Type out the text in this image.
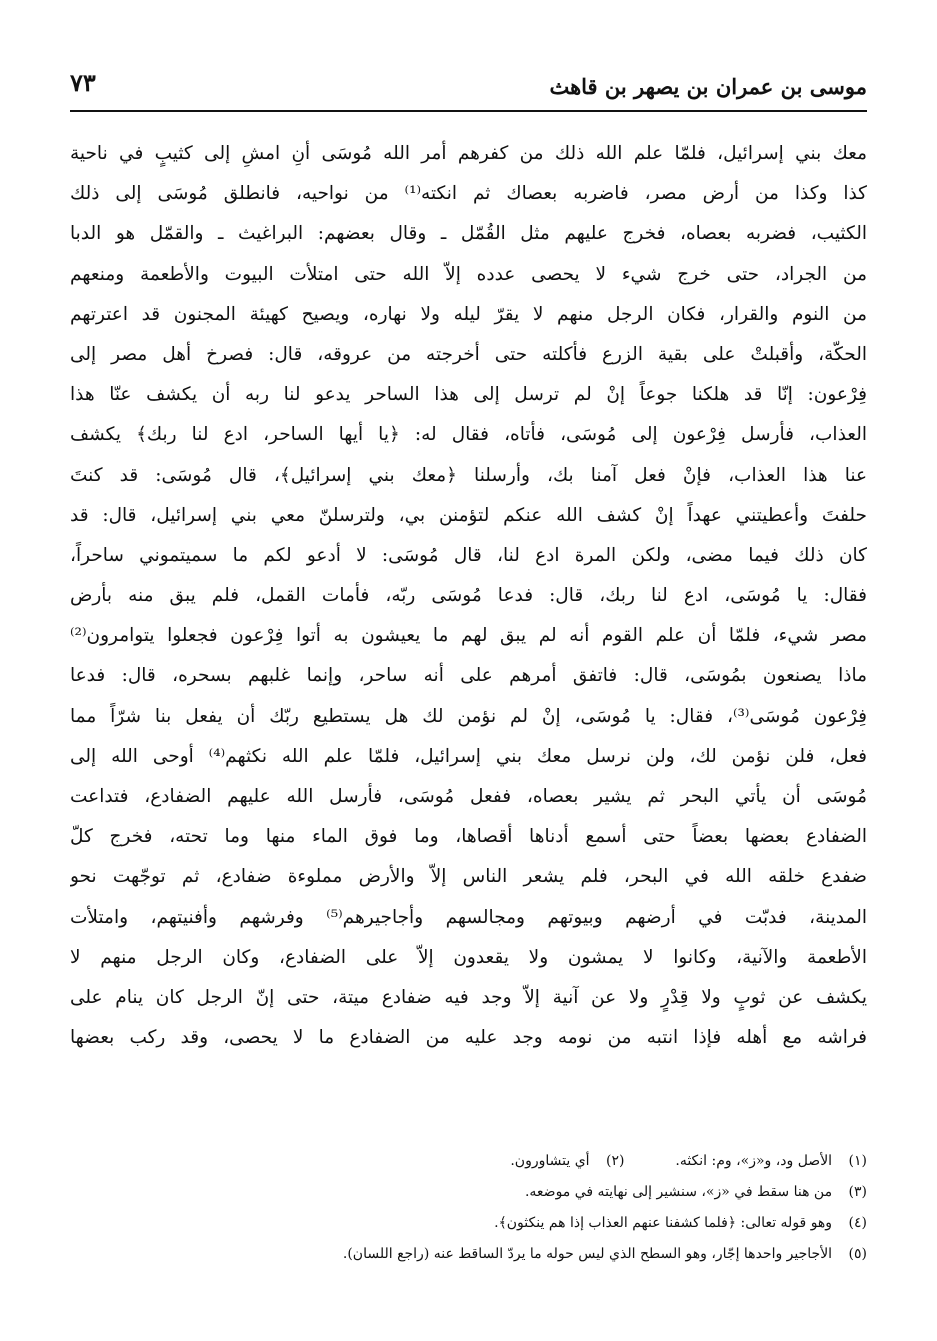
موسى بن عمران بن يصهر بن قاهث
٧٣
معك بني إسرائيل، فلمّا علم الله ذلك من كفرهم أمر الله مُوسَى أنِ امشِ إلى كثيبٍ في ناحية
كذا وكذا من أرض مصر، فاضربه بعصاك ثم انكته⁽¹⁾ من نواحيه، فانطلق مُوسَى إلى ذلك
الكثيب، فضربه بعصاه، فخرج عليهم مثل القُمّل ـ وقال بعضهم: البراغيث ـ والقمّل هو الدبا
من الجراد، حتى خرج شيء لا يحصى عدده إلاّ الله حتى امتلأت البيوت والأطعمة ومنعهم
من النوم والقرار، فكان الرجل منهم لا يقرّ ليله ولا نهاره، ويصيح كهيئة المجنون قد اعترتهم
الحكّة، وأقبلتْ على بقية الزرع فأكلته حتى أخرجته من عروقه، قال: فصرخ أهل مصر إلى
فِرْعون: إنّا قد هلكنا جوعاً إنْ لم ترسل إلى هذا الساحر يدعو لنا ربه أن يكشف عنّا هذا
العذاب، فأرسل فِرْعون إلى مُوسَى، فأتاه، فقال له: ﴿يا أيها الساحر، ادع لنا ربك﴾ يكشف
عنا هذا العذاب، فإنْ فعل آمنا بك، وأرسلنا ﴿معك بني إسرائيل﴾، قال مُوسَى: قد كنتَ
حلفتَ وأعطيتني عهداً إنْ كشف الله عنكم لتؤمنن بي، ولترسلنّ معي بني إسرائيل، قال: قد
كان ذلك فيما مضى، ولكن المرة ادع لنا، قال مُوسَى: لا أدعو لكم ما سميتموني ساحراً،
فقال: يا مُوسَى، ادع لنا ربك، قال: فدعا مُوسَى ربّه، فأمات القمل، فلم يبق منه بأرض
مصر شيء، فلمّا أن علم القوم أنه لم يبق لهم ما يعيشون به أتوا فِرْعون فجعلوا يتوامرون⁽²⁾
ماذا يصنعون بمُوسَى، قال: فاتفق أمرهم على أنه ساحر، وإنما غلبهم بسحره، قال: فدعا
فِرْعون مُوسَى⁽³⁾، فقال: يا مُوسَى، إنْ لم نؤمن لك هل يستطيع ربّك أن يفعل بنا شرّاً مما
فعل، فلن نؤمن لك، ولن نرسل معك بني إسرائيل، فلمّا علم الله نكثهم⁽⁴⁾ أوحى الله إلى
مُوسَى أن يأتي البحر ثم يشير بعصاه، ففعل مُوسَى، فأرسل الله عليهم الضفادع، فتداعت
الضفادع بعضها بعضاً حتى أسمع أدناها أقصاها، وما فوق الماء منها وما تحته، فخرج كلّ
ضفدع خلقه الله في البحر، فلم يشعر الناس إلاّ والأرض مملوءة ضفادع، ثم توجّهت نحو
المدينة، فدبّت في أرضهم وبيوتهم ومجالسهم وأجاجيرهم⁽⁵⁾ وفرشهم وأفنيتهم، وامتلأت
الأطعمة والآنية، وكانوا لا يمشون ولا يقعدون إلاّ على الضفادع، وكان الرجل منهم لا
يكشف عن ثوبٍ ولا قِدْرٍ ولا عن آنية إلاّ وجد فيه ضفادع ميتة، حتى إنّ الرجل كان ينام على
فراشه مع أهله فإذا انتبه من نومه وجد عليه من الضفادع ما لا يحصى، وقد ركب بعضها
(١) الأصل ود، و«ز»، وم: انكثه.  (٢) أي يتشاورون.
(٣) من هنا سقط في «ز»، سنشير إلى نهايته في موضعه.
(٤) وهو قوله تعالى: ﴿فلما كشفنا عنهم العذاب إذا هم ينكثون﴾.
(٥) الأجاجير واحدها إجّار، وهو السطح الذي ليس حوله ما يردّ الساقط عنه (راجع اللسان).
